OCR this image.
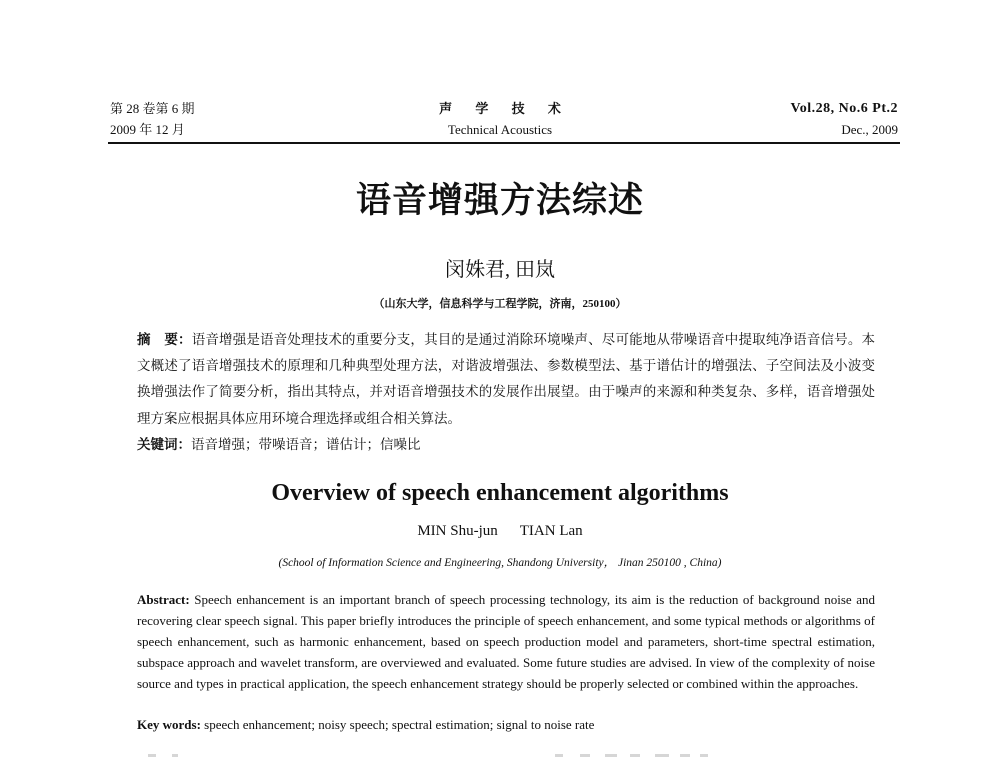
第 28 卷第 6 期
2009 年 12 月
声 学 技 术
Technical Acoustics
Vol.28, No.6 Pt.2
Dec., 2009
语音增强方法综述
闵姝君, 田岚
（山东大学，信息科学与工程学院，济南，250100）
摘　要：语音增强是语音处理技术的重要分支，其目的是通过消除环境噪声、尽可能地从带噪语音中提取纯净语音信号。本文概述了语音增强技术的原理和几种典型处理方法，对谐波增强法、参数模型法、基于谱估计的增强法、子空间法及小波变换增强法作了简要分析，指出其特点，并对语音增强技术的发展作出展望。由于噪声的来源和种类复杂、多样，语音增强处理方案应根据具体应用环境合理选择或组合相关算法。
关键词：语音增强；带噪语音；谱估计；信噪比
Overview of speech enhancement algorithms
MIN Shu-jun TIAN Lan
(School of Information Science and Engineering, Shandong University， Jinan 250100 , China)
Abstract: Speech enhancement is an important branch of speech processing technology, its aim is the reduction of background noise and recovering clear speech signal. This paper briefly introduces the principle of speech enhancement, and some typical methods or algorithms of speech enhancement, such as harmonic enhancement, based on speech production model and parameters, short-time spectral estimation, subspace approach and wavelet transform, are overviewed and evaluated. Some future studies are advised. In view of the complexity of noise source and types in practical application, the speech enhancement strategy should be properly selected or combined within the approaches.
Key words: speech enhancement; noisy speech; spectral estimation; signal to noise rate
